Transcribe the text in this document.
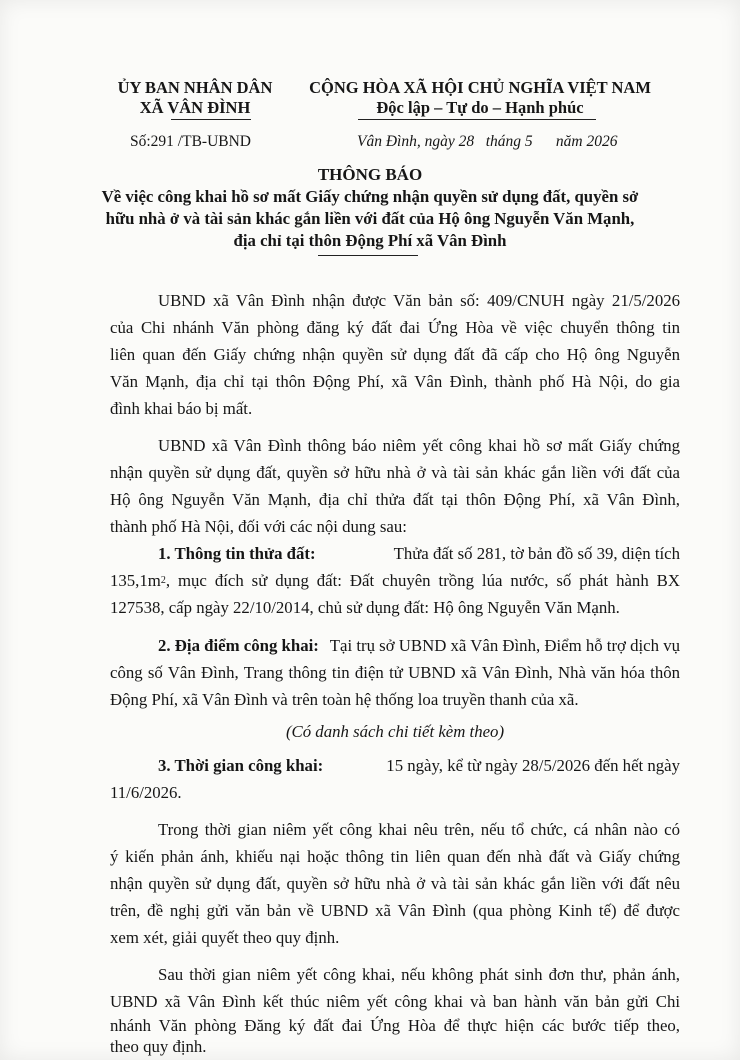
ỦY BAN NHÂN DÂN
XÃ VÂN ĐÌNH
CỘNG HÒA XÃ HỘI CHỦ NGHĨA VIỆT NAM
Độc lập – Tự do – Hạnh phúc
Số:291 /TB-UBND	Vân Đình, ngày 28   tháng 5      năm 2026
THÔNG BÁO
Về việc công khai hồ sơ mất Giấy chứng nhận quyền sử dụng đất, quyền sở
hữu nhà ở và tài sản khác gắn liền với đất của Hộ ông Nguyễn Văn Mạnh,
địa chỉ tại thôn Động Phí xã Vân Đình
UBND xã Vân Đình nhận được Văn bản số: 409/CNUH ngày 21/5/2026
của Chi nhánh Văn phòng đăng ký đất đai Ứng Hòa về việc chuyển thông tin
liên quan đến Giấy chứng nhận quyền sử dụng đất đã cấp cho Hộ ông Nguyễn
Văn Mạnh, địa chỉ tại thôn Động Phí, xã Vân Đình, thành phố Hà Nội, do gia
đình khai báo bị mất.
UBND xã Vân Đình thông báo niêm yết công khai hồ sơ mất Giấy chứng
nhận quyền sử dụng đất, quyền sở hữu nhà ở và tài sản khác gắn liền với đất của
Hộ ông Nguyễn Văn Mạnh, địa chỉ thửa đất tại thôn Động Phí, xã Vân Đình,
thành phố Hà Nội, đối với các nội dung sau:
1. Thông tin thửa đất:	Thửa đất số 281, tờ bản đồ số 39, diện tích
135,1m 2 , mục đích sử dụng đất: Đất chuyên trồng lúa nước, số phát hành BX
127538, cấp ngày 22/10/2014, chủ sử dụng đất: Hộ ông Nguyễn Văn Mạnh.
2. Địa điểm công khai: Tại trụ sở UBND xã Vân Đình, Điểm hỗ trợ dịch vụ
công số Vân Đình, Trang thông tin điện tử UBND xã Vân Đình, Nhà văn hóa thôn
Động Phí, xã Vân Đình và trên toàn hệ thống loa truyền thanh của xã.
(Có danh sách chi tiết kèm theo)
3. Thời gian công khai:	15 ngày, kể từ ngày 28/5/2026 đến hết ngày
11/6/2026.
Trong thời gian niêm yết công khai nêu trên, nếu tổ chức, cá nhân nào có
ý kiến phản ánh, khiếu nại hoặc thông tin liên quan đến nhà đất và Giấy chứng
nhận quyền sử dụng đất, quyền sở hữu nhà ở và tài sản khác gắn liền với đất nêu
trên, đề nghị gửi văn bản về UBND xã Vân Đình (qua phòng Kinh tế) để được
xem xét, giải quyết theo quy định.
Sau thời gian niêm yết công khai, nếu không phát sinh đơn thư, phản ánh,
UBND xã Vân Đình kết thúc niêm yết công khai và ban hành văn bản gửi Chi
nhánh Văn phòng Đăng ký đất đai Ứng Hòa để thực hiện các bước tiếp theo,
theo quy định.
